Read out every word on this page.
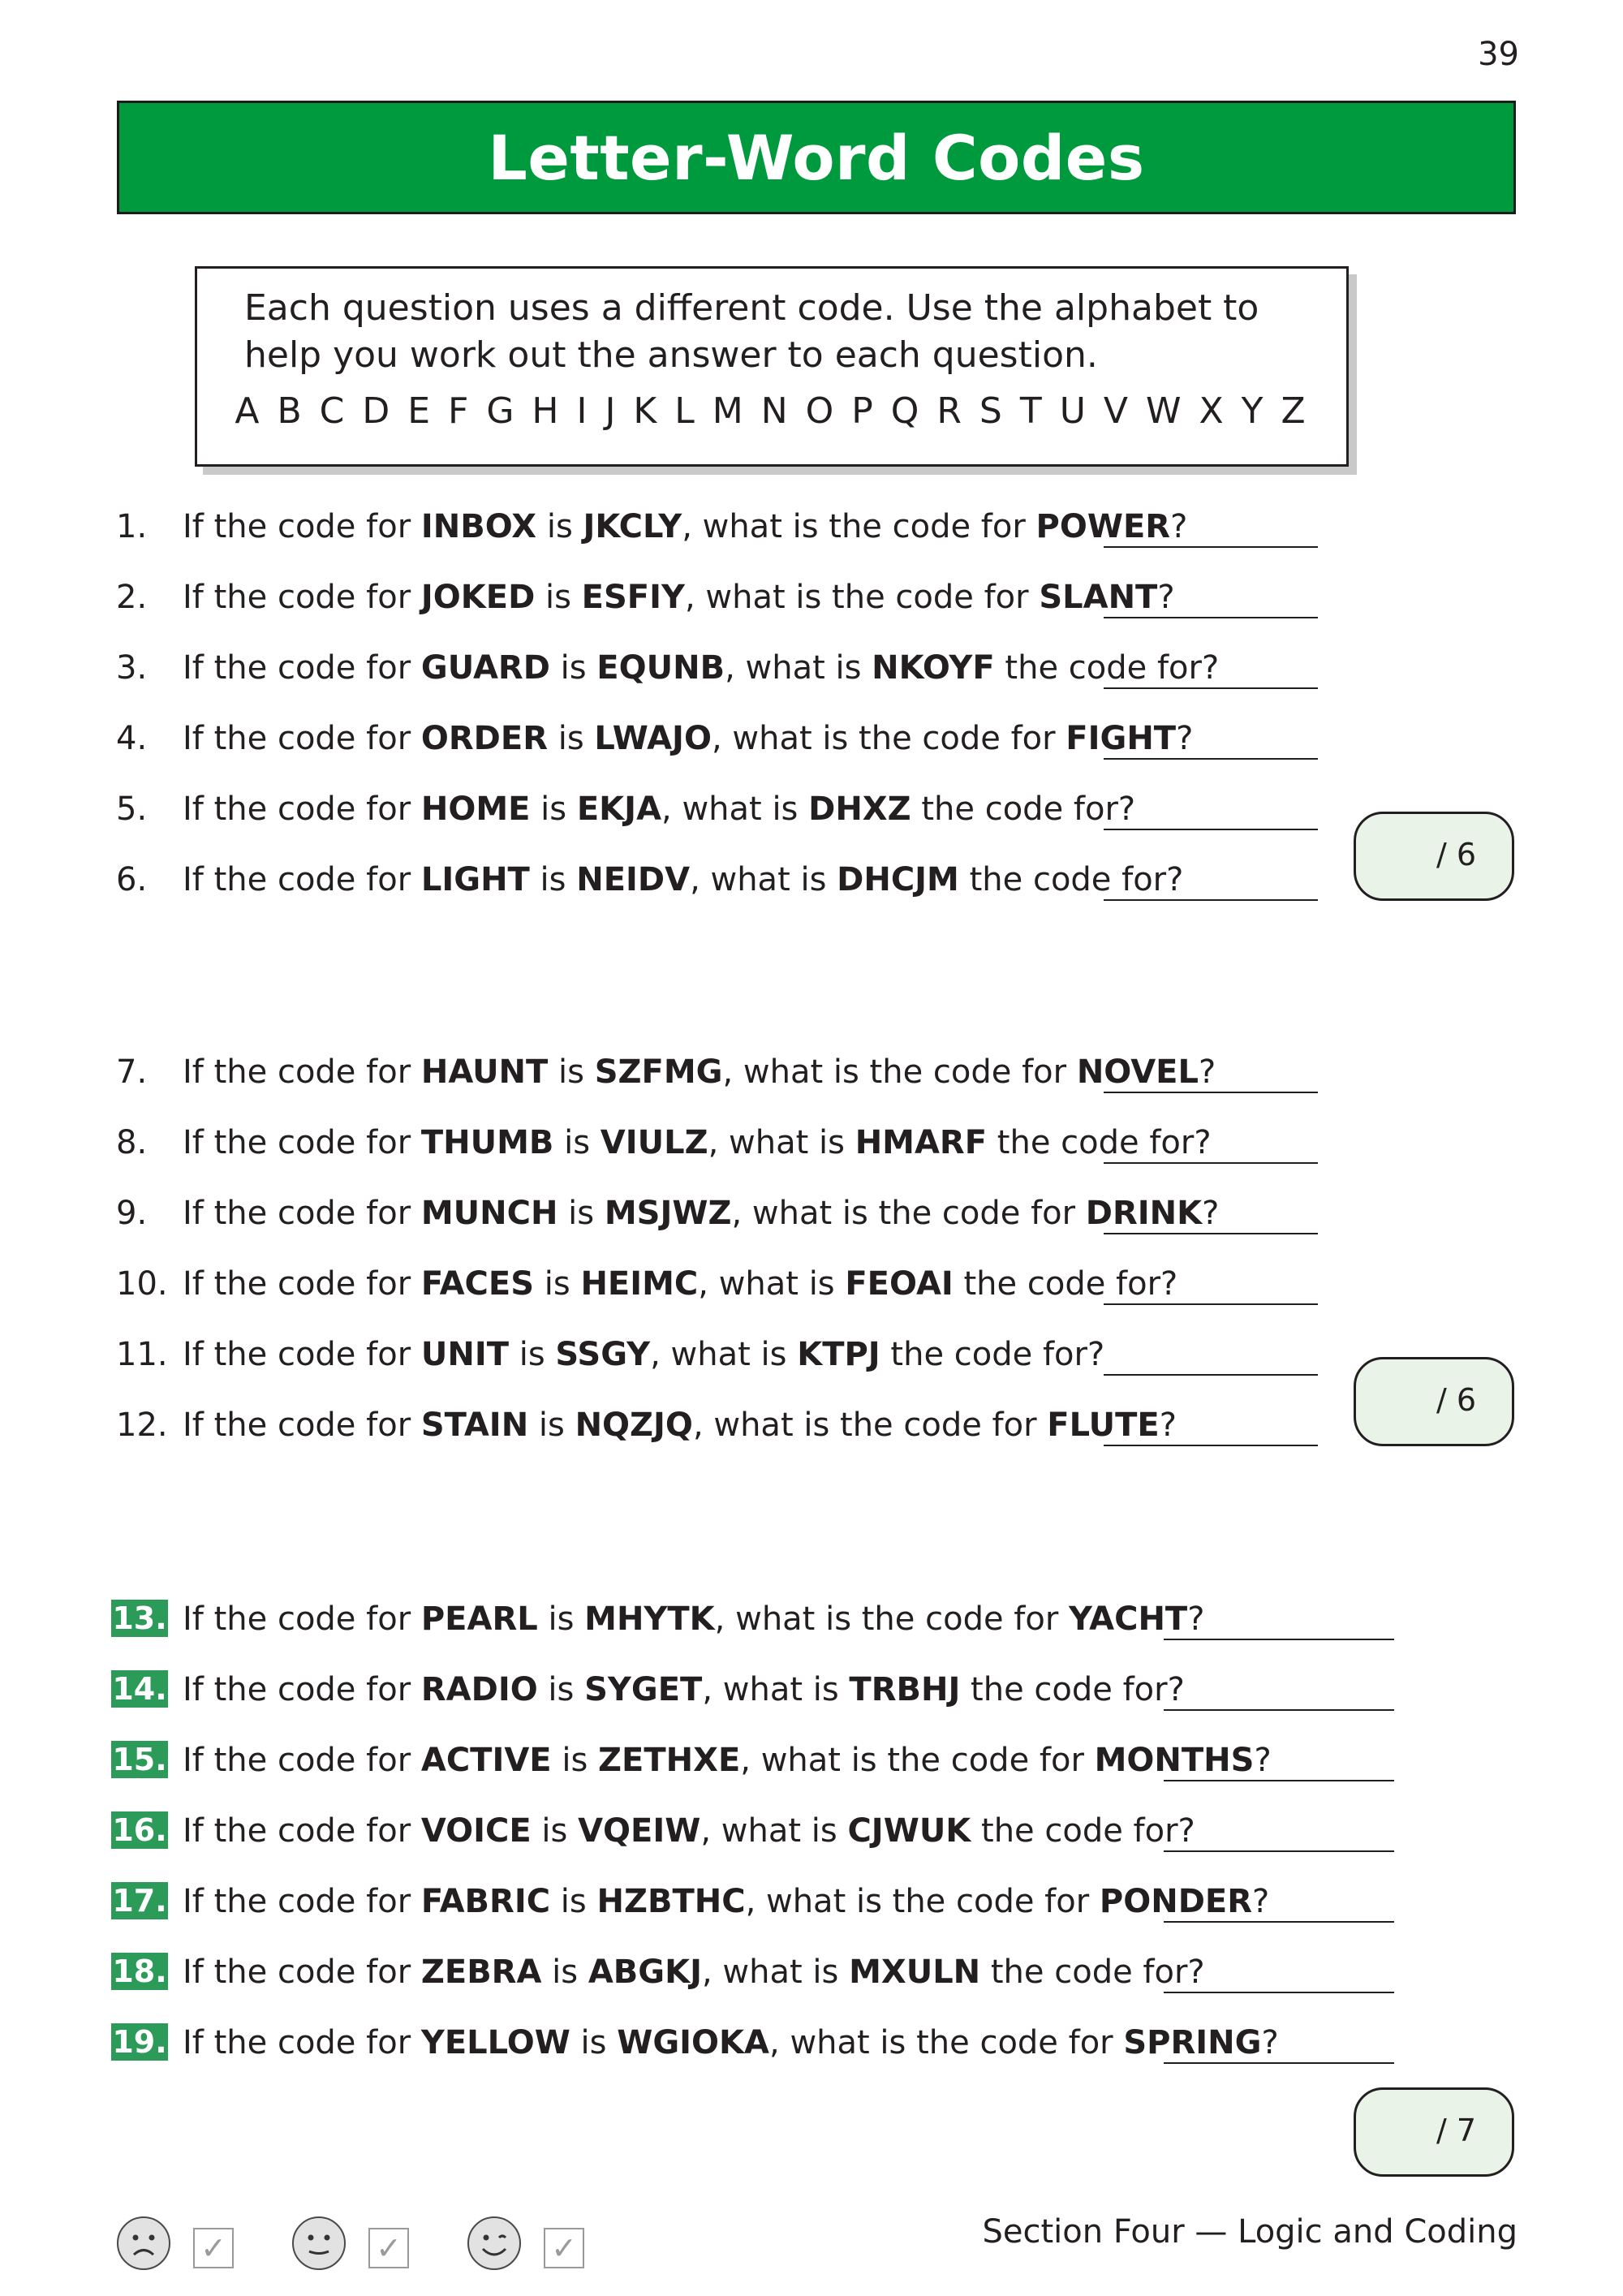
39
Letter-Word Codes
Each question uses a different code. Use the alphabet to help you work out the answer to each question.
A B C D E F G H I J K L M N O P Q R S T U V W X Y Z
1.	If the code for INBOX is JKCLY, what is the code for POWER?
2.	If the code for JOKED is ESFIY, what is the code for SLANT?
3.	If the code for GUARD is EQUNB, what is NKOYF the code for?
4.	If the code for ORDER is LWAJO, what is the code for FIGHT?
5.	If the code for HOME is EKJA, what is DHXZ the code for?
6.	If the code for LIGHT is NEIDV, what is DHCJM the code for?
/ 6
7.	If the code for HAUNT is SZFMG, what is the code for NOVEL?
8.	If the code for THUMB is VIULZ, what is HMARF the code for?
9.	If the code for MUNCH is MSJWZ, what is the code for DRINK?
10. If the code for FACES is HEIMC, what is FEOAI the code for?
11. If the code for UNIT is SSGY, what is KTPJ the code for?
12. If the code for STAIN is NQZJQ, what is the code for FLUTE?
/ 6
13. If the code for PEARL is MHYTK, what is the code for YACHT?
14. If the code for RADIO is SYGET, what is TRBHJ the code for?
15. If the code for ACTIVE is ZETHXE, what is the code for MONTHS?
16. If the code for VOICE is VQEIW, what is CJWUK the code for?
17. If the code for FABRIC is HZBTHC, what is the code for PONDER?
18. If the code for ZEBRA is ABGKJ, what is MXULN the code for?
19. If the code for YELLOW is WGIOKA, what is the code for SPRING?
/ 7
✓	✓	✓	Section Four — Logic and Coding
